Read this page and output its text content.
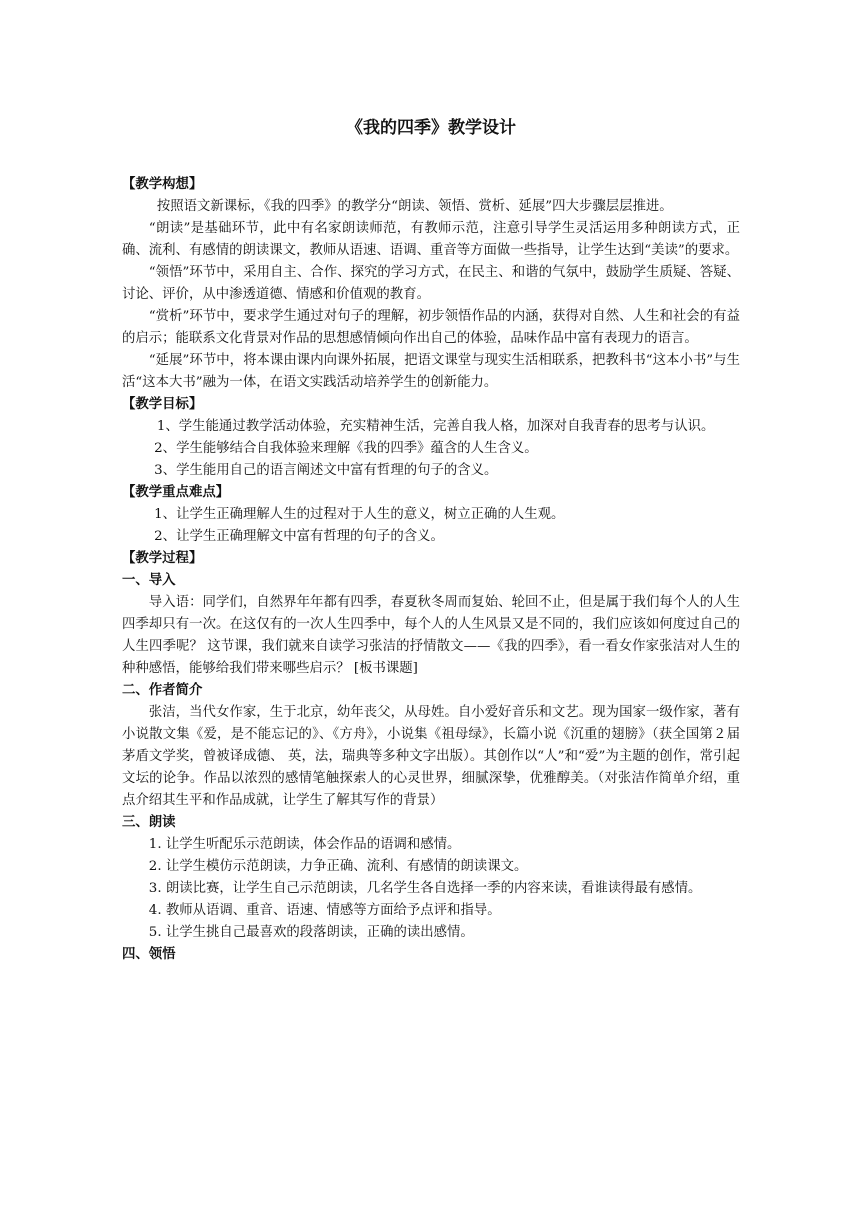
《我的四季》教学设计
【教学构想】
按照语文新课标，《我的四季》的教学分“朗读、领悟、赏析、延展”四大步骤层层推进。
“朗读”是基础环节，此中有名家朗读师范，有教师示范，注意引导学生灵活运用多种朗读方式，正确、流利、有感情的朗读课文，教师从语速、语调、重音等方面做一些指导，让学生达到“美读”的要求。
“领悟”环节中，采用自主、合作、探究的学习方式，在民主、和谐的气氛中，鼓励学生质疑、答疑、讨论、评价，从中渗透道德、情感和价值观的教育。
“赏析”环节中，要求学生通过对句子的理解，初步领悟作品的内涵，获得对自然、人生和社会的有益的启示；能联系文化背景对作品的思想感情倾向作出自己的体验，品味作品中富有表现力的语言。
“延展”环节中，将本课由课内向课外拓展，把语文课堂与现实生活相联系，把教科书“这本小书”与生活“这本大书”融为一体，在语文实践活动培养学生的创新能力。
【教学目标】
1、学生能通过教学活动体验，充实精神生活，完善自我人格，加深对自我青春的思考与认识。
2、学生能够结合自我体验来理解《我的四季》蕴含的人生含义。
3、学生能用自己的语言阐述文中富有哲理的句子的含义。
【教学重点难点】
1、让学生正确理解人生的过程对于人生的意义，树立正确的人生观。
2、让学生正确理解文中富有哲理的句子的含义。
【教学过程】
一、导入
导入语：同学们，自然界年年都有四季，春夏秋冬周而复始、轮回不止，但是属于我们每个人的人生四季却只有一次。在这仅有的一次人生四季中，每个人的人生风景又是不同的，我们应该如何度过自己的人生四季呢？ 这节课，我们就来自读学习张洁的抒情散文——《我的四季》，看一看女作家张洁对人生的种种感悟，能够给我们带来哪些启示？ [板书课题]
二、作者简介
张洁，当代女作家，生于北京，幼年丧父，从母姓。自小爱好音乐和文艺。现为国家一级作家，著有小说散文集《爱，是不能忘记的》、《方舟》，小说集《祖母绿》，长篇小说《沉重的翅膀》（获全国第２届茅盾文学奖，曾被译成德、 英，法，瑞典等多种文字出版）。其创作以“人”和“爱”为主题的创作，常引起文坛的论争。作品以浓烈的感情笔触探索人的心灵世界，细腻深挚，优雅醇美。（对张洁作简单介绍，重点介绍其生平和作品成就，让学生了解其写作的背景）
三、朗读
1. 让学生听配乐示范朗读，体会作品的语调和感情。
2. 让学生模仿示范朗读，力争正确、流利、有感情的朗读课文。
3. 朗读比赛，让学生自己示范朗读，几名学生各自选择一季的内容来读，看谁读得最有感情。
4. 教师从语调、重音、语速、情感等方面给予点评和指导。
5. 让学生挑自己最喜欢的段落朗读，正确的读出感情。
四、领悟
